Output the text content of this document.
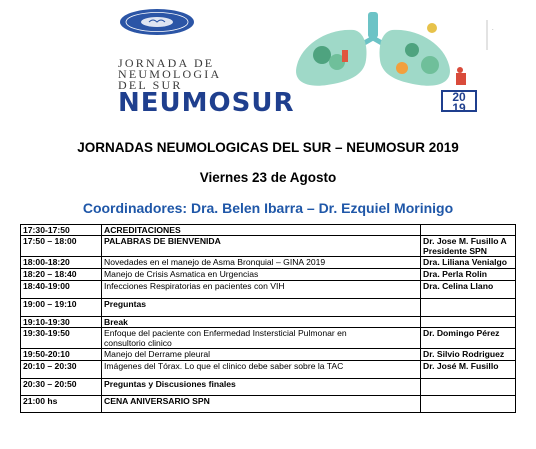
.
JORNADA DE
NEUMOLOGIA
DEL SUR
NEUMOSUR	20
19
JORNADAS NEUMOLOGICAS DEL SUR – NEUMOSUR 2019
Viernes 23 de Agosto
Coordinadores: Dra. Belen Ibarra – Dr. Ezquiel Morinigo
17:30-17:50	ACREDITACIONES	

17:50 – 18:00	PALABRAS DE BIENVENIDA	Dr. Jose M. Fusillo A
Presidente SPN

18:00-18:20	Novedades en el manejo de Asma Bronquial – GINA 2019	Dra. Liliana Venialgo

18:20 – 18:40	Manejo de Crisis Asmatica en Urgencias	Dra. Perla Rolin

18:40-19:00	Infecciones Respiratorias en pacientes con VIH	Dra. Celina Llano

19:00 – 19:10	Preguntas	

19:10-19:30	Break	

19:30-19:50	Enfoque del paciente con Enfermedad Instersticial Pulmonar en
consultorio clinico	Dr. Domingo Pérez

19:50-20:10	Manejo del Derrame pleural	Dr. Silvio Rodriguez

20:10 – 20:30	Imágenes del Tórax. Lo que el clinico debe saber sobre la TAC	Dr. José M. Fusillo

20:30 – 20:50	Preguntas y Discusiones finales	

21:00 hs	CENA ANIVERSARIO SPN	
